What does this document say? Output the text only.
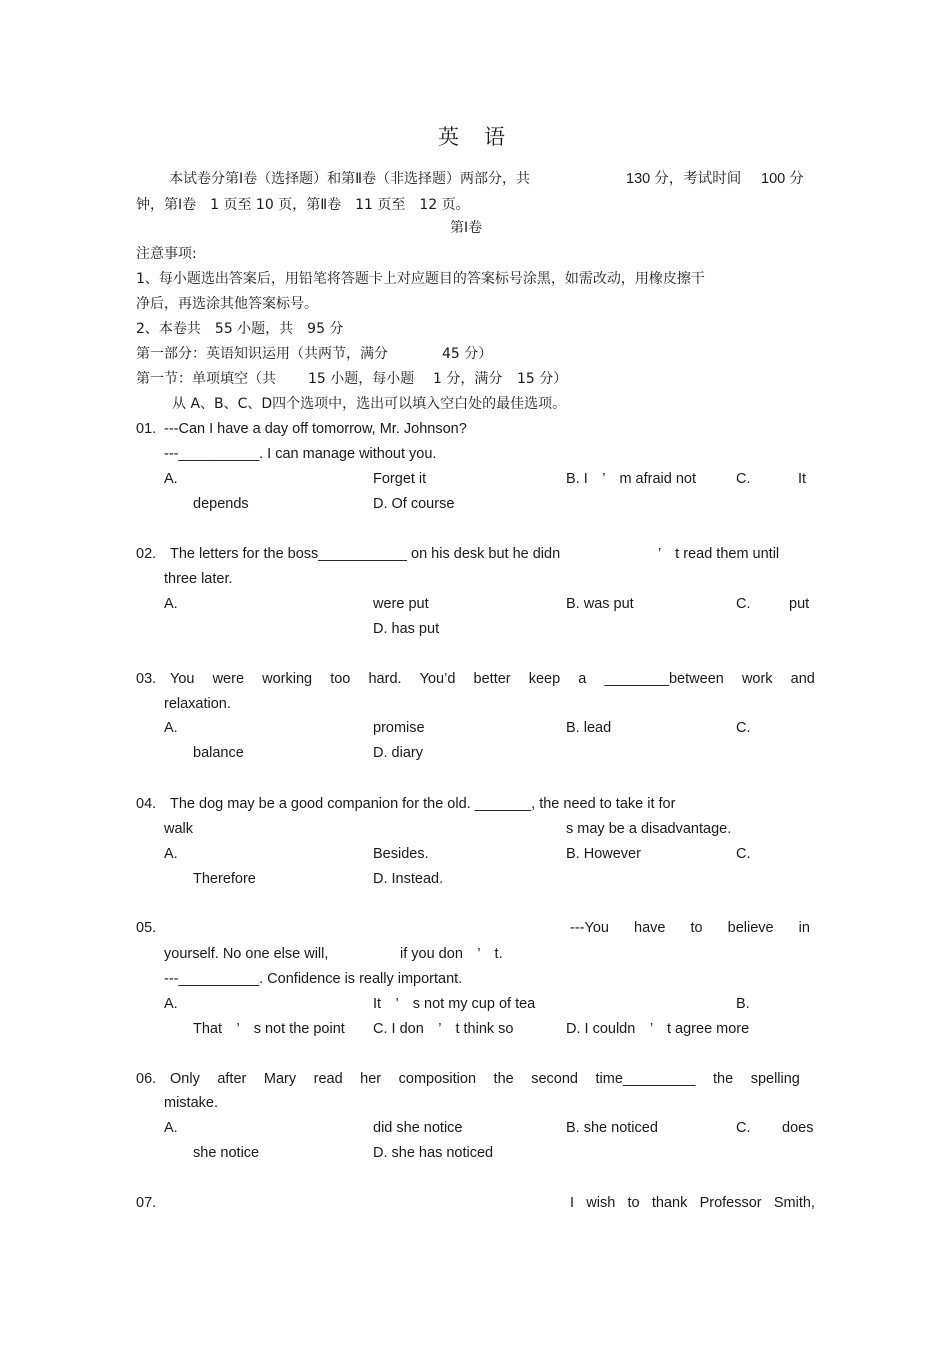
英　语
本试卷分第Ⅰ卷（选择题）和第Ⅱ卷（非选择题）两部分，共	130 分，考试时间 100 分
钟，第Ⅰ卷　1 页至 10 页，第Ⅱ卷　11 页至　12 页。
第Ⅰ卷
注意事项:
1、每小题选出答案后，用铅笔将答题卡上对应题目的答案标号涂黑，如需改动，用橡皮擦干
净后，再选涂其他答案标号。
2、本卷共　55 小题，共　95 分
第一部分：英语知识运用（共两节，满分	45 分）
第一节：单项填空（共 15 小题，每小题 1 分，满分 15 分）
从 A、B、C、D四个选项中，选出可以填入空白处的最佳选项。
01. ---Can I have a day off tomorrow, Mr. Johnson?
---__________. I can manage without you.
A.	Forget it	B. I　’　m afraid not	C.	It
depends	D. Of course
02. The letters for the boss___________ on his desk but he didn	’　t read them until
three later.
A.	were put	B. was put	C.	put
D. has put
03. You were working too hard. You’d better keep a ________between work and
relaxation.
A.	promise	B. lead	C.
balance	D. diary
04. The dog may be a good companion for the old. _______, the need to take it for
walk	s may be a disadvantage.
A.	Besides.	B. However	C.
Therefore	D. Instead.
05.	---You have to believe in
yourself. No one else will,	if you don　’　t.
---__________. Confidence is really important.
A.	It　’　s not my cup of tea	B.
That　’　s not the point C. I don　’　t think so	D. I couldn　’　t agree more
06. Only after Mary read her composition the second time_________ the spelling
mistake.
A.	did she notice	B. she noticed	C. does
she notice	D. she has noticed
07.	I wish to thank Professor Smith,
